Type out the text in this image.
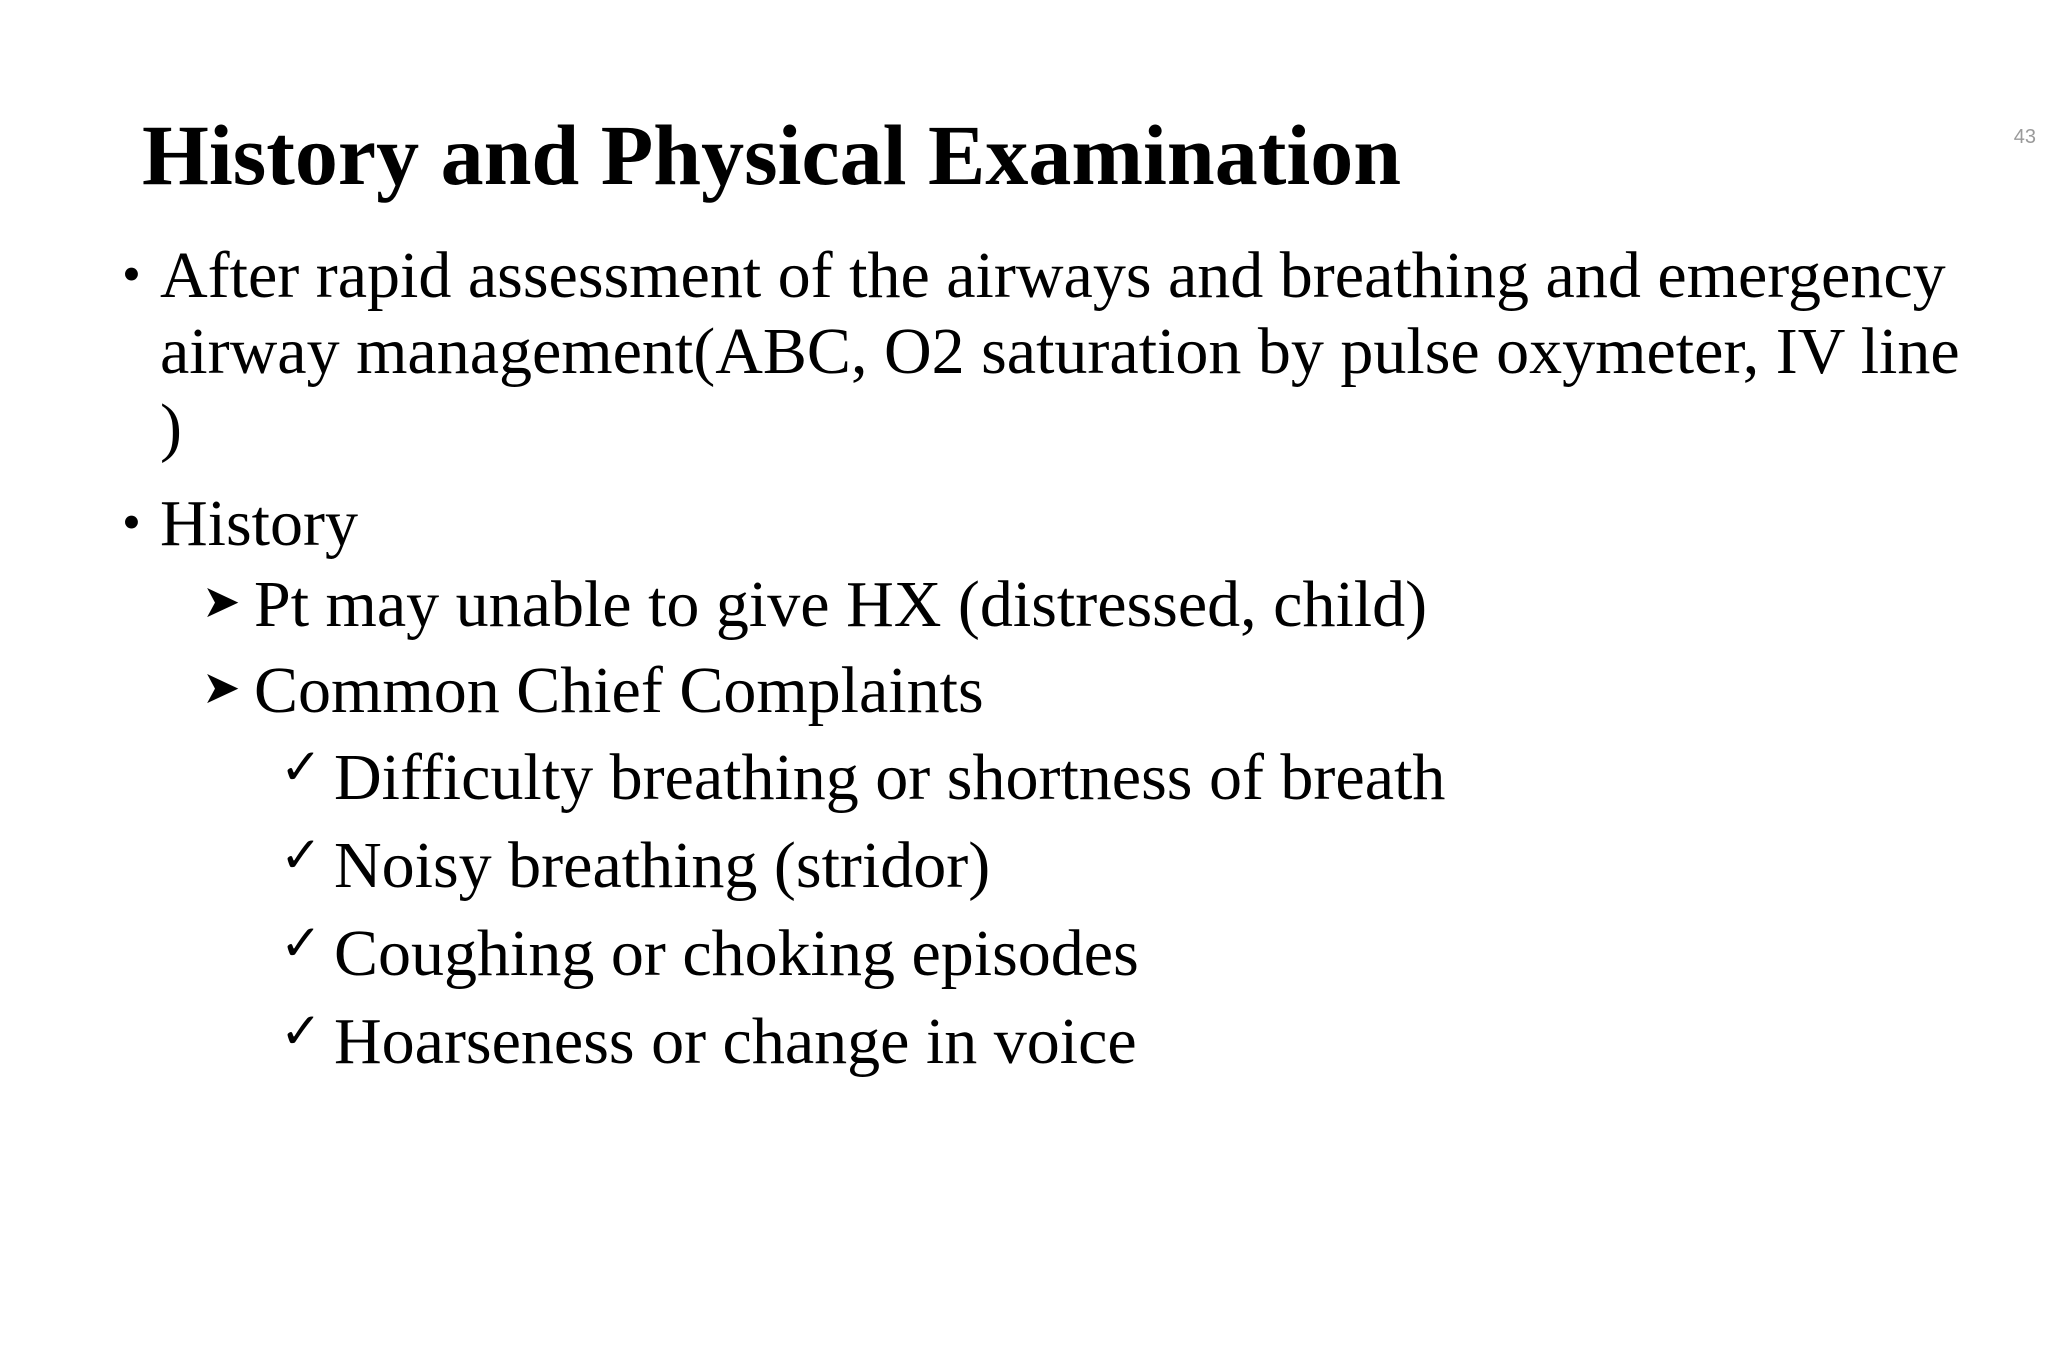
History and Physical Examination	43
• After rapid assessment of the airways and breathing and emergency airway management(ABC, O2 saturation by pulse oxymeter, IV line )
• History
➤ Pt may unable to give HX (distressed, child)
➤ Common Chief Complaints
✓ Difficulty breathing or shortness of breath
✓ Noisy breathing (stridor)
✓ Coughing or choking episodes
✓ Hoarseness or change in voice
